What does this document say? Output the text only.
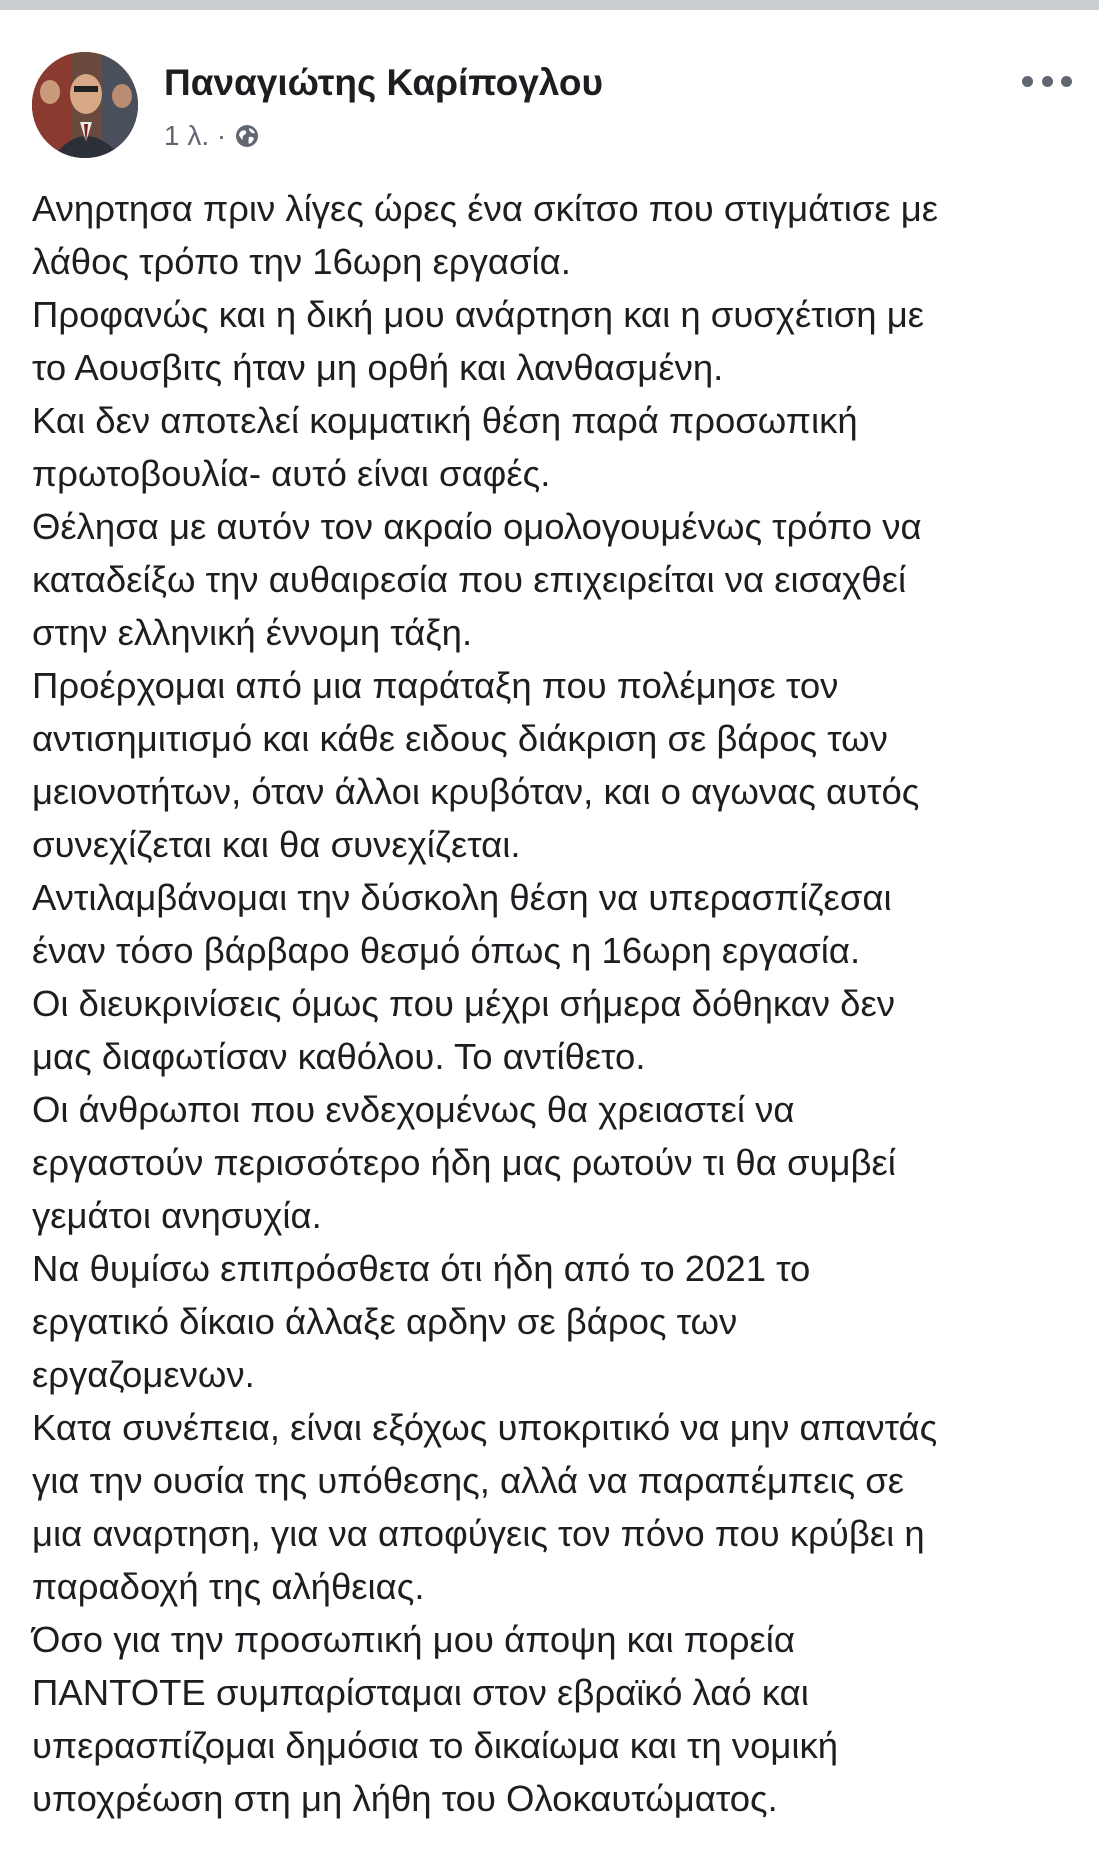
Παναγιώτης Καρίπογλου
1 λ. ·
Ανηρτησα πριν λίγες ώρες ένα σκίτσο που στιγμάτισε με
λάθος τρόπο την 16ωρη εργασία.
Προφανώς και η δική μου ανάρτηση και η συσχέτιση με
το Αουσβιτς ήταν μη ορθή και λανθασμένη.
Και δεν αποτελεί κομματική θέση παρά προσωπική
πρωτοβουλία- αυτό είναι σαφές.
Θέλησα με αυτόν τον ακραίο ομολογουμένως τρόπο να
καταδείξω την αυθαιρεσία που επιχειρείται να εισαχθεί
στην ελληνική έννομη τάξη.
Προέρχομαι από μια παράταξη που πολέμησε τον
αντισημιτισμό και κάθε ειδους διάκριση σε βάρος των
μειονοτήτων, όταν άλλοι κρυβόταν, και ο αγωνας αυτός
συνεχίζεται και θα συνεχίζεται.
Αντιλαμβάνομαι την δύσκολη θέση να υπερασπίζεσαι
έναν τόσο βάρβαρο θεσμό όπως η 16ωρη εργασία.
Οι διευκρινίσεις όμως που μέχρι σήμερα δόθηκαν δεν
μας διαφωτίσαν καθόλου. Το αντίθετο.
Οι άνθρωποι που ενδεχομένως θα χρειαστεί να
εργαστούν περισσότερο ήδη μας ρωτούν τι θα συμβεί
γεμάτοι ανησυχία.
Να θυμίσω επιπρόσθετα ότι ήδη από το 2021 το
εργατικό δίκαιο άλλαξε αρδην σε βάρος των
εργαζομενων.
Κατα συνέπεια, είναι εξόχως υποκριτικό να μην απαντάς
για την ουσία της υπόθεσης, αλλά να παραπέμπεις σε
μια αναρτηση, για να αποφύγεις τον πόνο που κρύβει η
παραδοχή της αλήθειας.
Όσο για την προσωπική μου άποψη και πορεία
ΠΑΝΤΟΤΕ συμπαρίσταμαι στον εβραϊκό λαό και
υπερασπίζομαι δημόσια το δικαίωμα και τη νομική
υποχρέωση στη μη λήθη του Ολοκαυτώματος.
